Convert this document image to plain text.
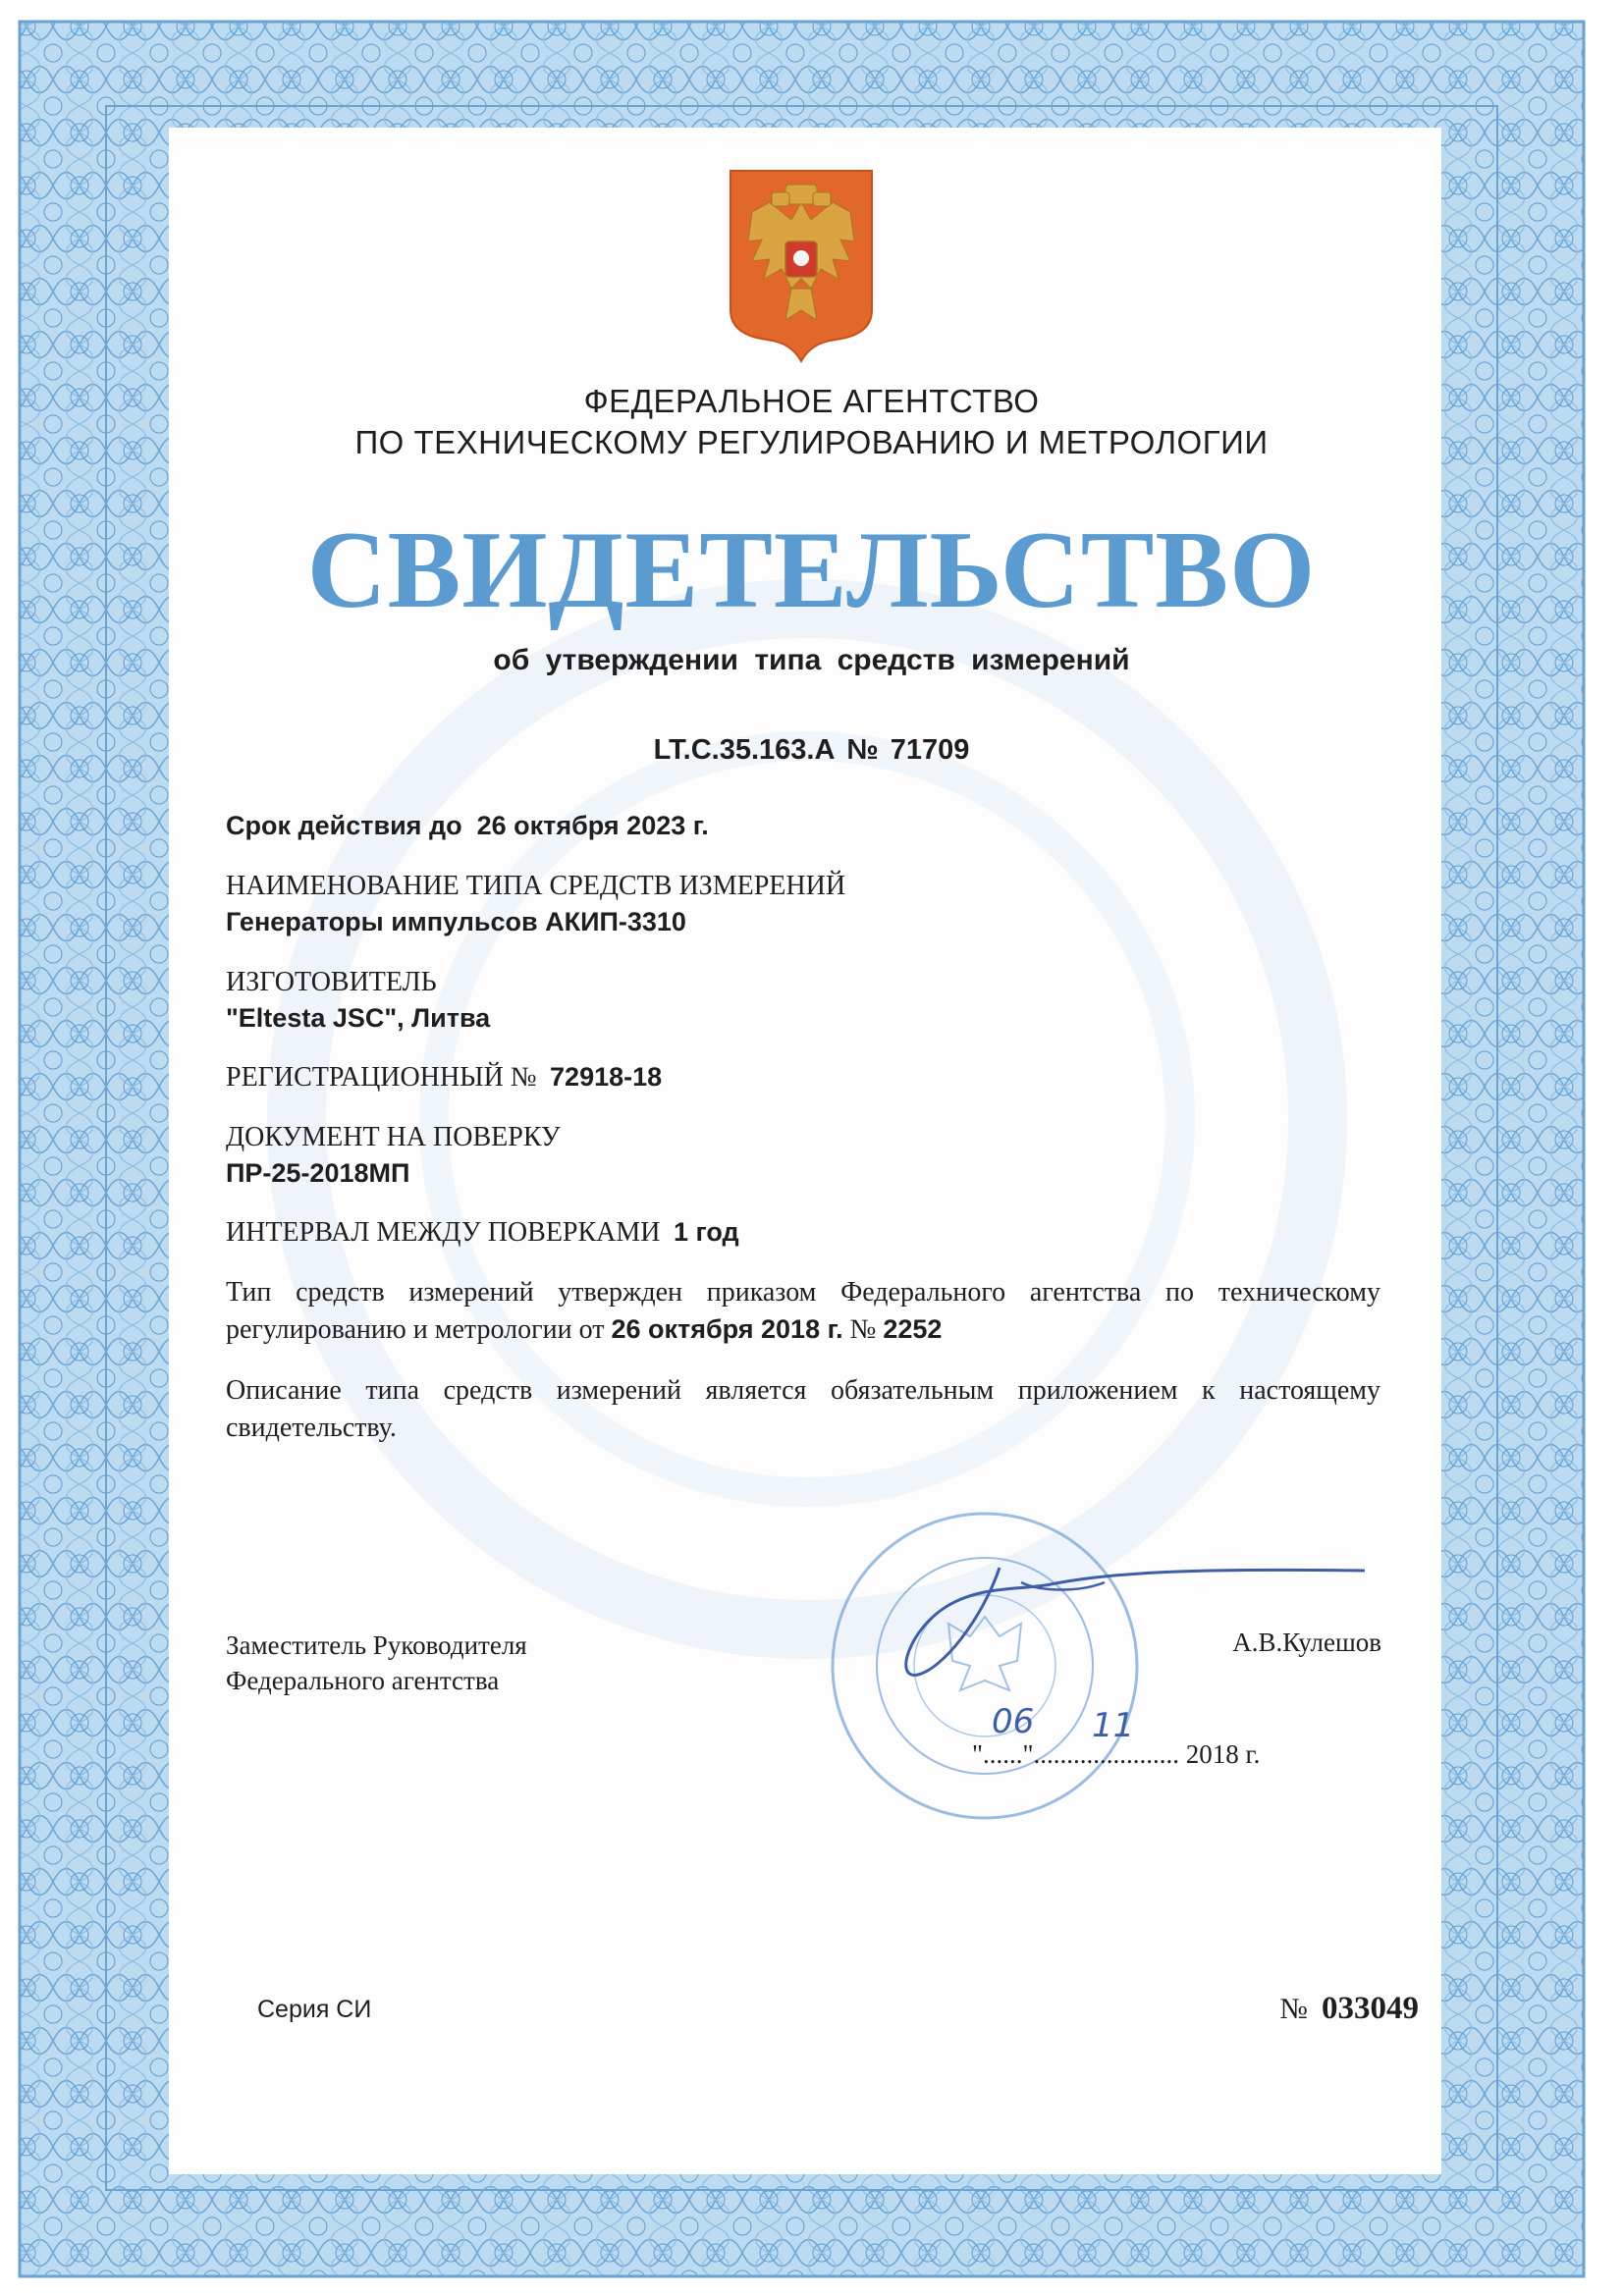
ФЕДЕРАЛЬНОЕ АГЕНТСТВО
ПО ТЕХНИЧЕСКОМУ РЕГУЛИРОВАНИЮ И МЕТРОЛОГИИ
СВИДЕТЕЛЬСТВО
об утверждении типа средств измерений
LT.C.35.163.A № 71709
Срок действия до 26 октября 2023 г.
НАИМЕНОВАНИЕ ТИПА СРЕДСТВ ИЗМЕРЕНИЙ
Генераторы импульсов АКИП-3310
ИЗГОТОВИТЕЛЬ
"Eltesta JSC", Литва
РЕГИСТРАЦИОННЫЙ № 72918-18
ДОКУМЕНТ НА ПОВЕРКУ
ПР-25-2018МП
ИНТЕРВАЛ МЕЖДУ ПОВЕРКАМИ 1 год
Тип средств измерений утвержден приказом Федерального агентства по техническому регулированию и метрологии от 26 октября 2018 г. № 2252
Описание типа средств измерений является обязательным приложением к настоящему свидетельству.
Заместитель Руководителя
Федерального агентства
А.В.Кулешов
06 11
"......"...................... 2018 г.
Серия СИ	№ 033049
